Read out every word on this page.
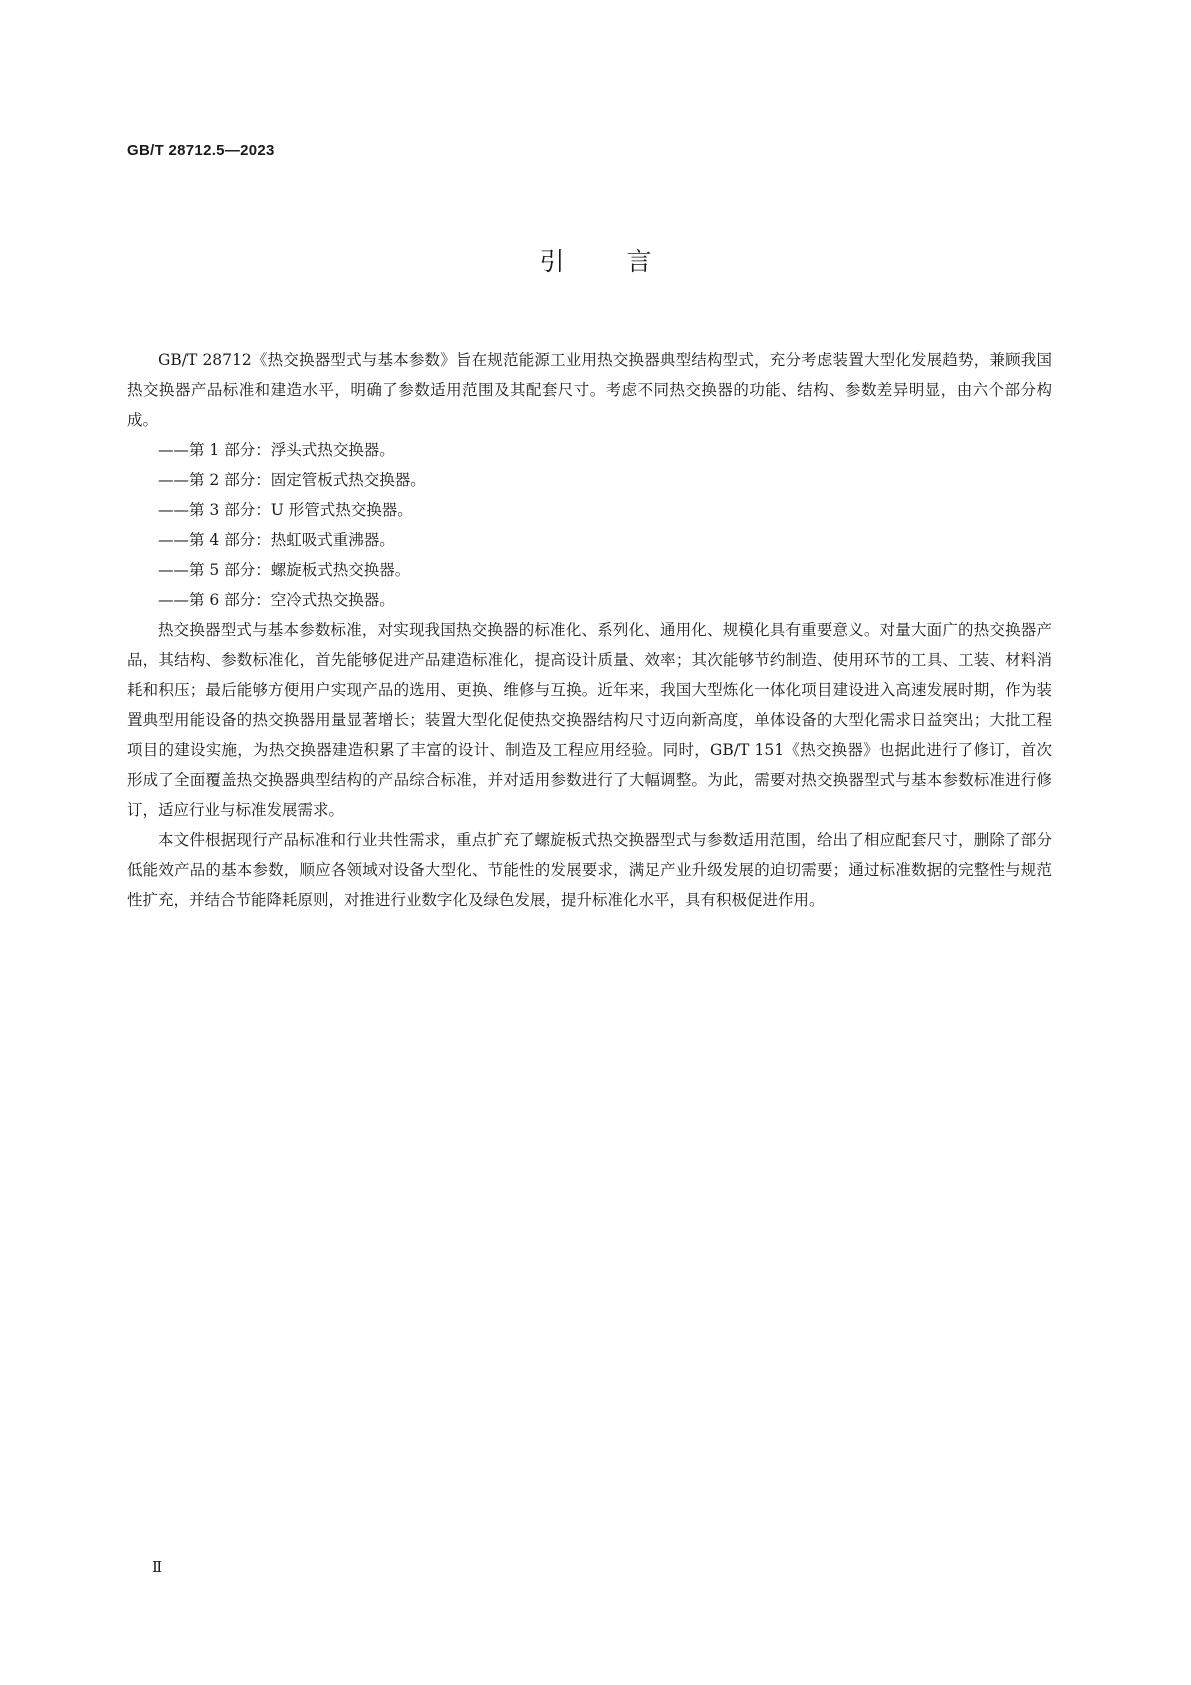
GB/T 28712.5—2023
引言

GB/T 28712《热交换器型式与基本参数》旨在规范能源工业用热交换器典型结构型式，充分考虑装置大型化发展趋势，兼顾我国热交换器产品标准和建造水平，明确了参数适用范围及其配套尺寸。考虑不同热交换器的功能、结构、参数差异明显，由六个部分构成。

——第 1 部分：浮头式热交换器。
——第 2 部分：固定管板式热交换器。
——第 3 部分：U 形管式热交换器。
——第 4 部分：热虹吸式重沸器。
——第 5 部分：螺旋板式热交换器。
——第 6 部分：空冷式热交换器。

热交换器型式与基本参数标准，对实现我国热交换器的标准化、系列化、通用化、规模化具有重要意义。对量大面广的热交换器产品，其结构、参数标准化，首先能够促进产品建造标准化，提高设计质量、效率；其次能够节约制造、使用环节的工具、工装、材料消耗和积压；最后能够方便用户实现产品的选用、更换、维修与互换。近年来，我国大型炼化一体化项目建设进入高速发展时期，作为装置典型用能设备的热交换器用量显著增长；装置大型化促使热交换器结构尺寸迈向新高度，单体设备的大型化需求日益突出；大批工程项目的建设实施，为热交换器建造积累了丰富的设计、制造及工程应用经验。同时，GB/T 151《热交换器》也据此进行了修订，首次形成了全面覆盖热交换器典型结构的产品综合标准，并对适用参数进行了大幅调整。为此，需要对热交换器型式与基本参数标准进行修订，适应行业与标准发展需求。

本文件根据现行产品标准和行业共性需求，重点扩充了螺旋板式热交换器型式与参数适用范围，给出了相应配套尺寸，删除了部分低能效产品的基本参数，顺应各领域对设备大型化、节能性的发展要求，满足产业升级发展的迫切需要；通过标准数据的完整性与规范性扩充，并结合节能降耗原则，对推进行业数字化及绿色发展，提升标准化水平，具有积极促进作用。

Ⅱ
